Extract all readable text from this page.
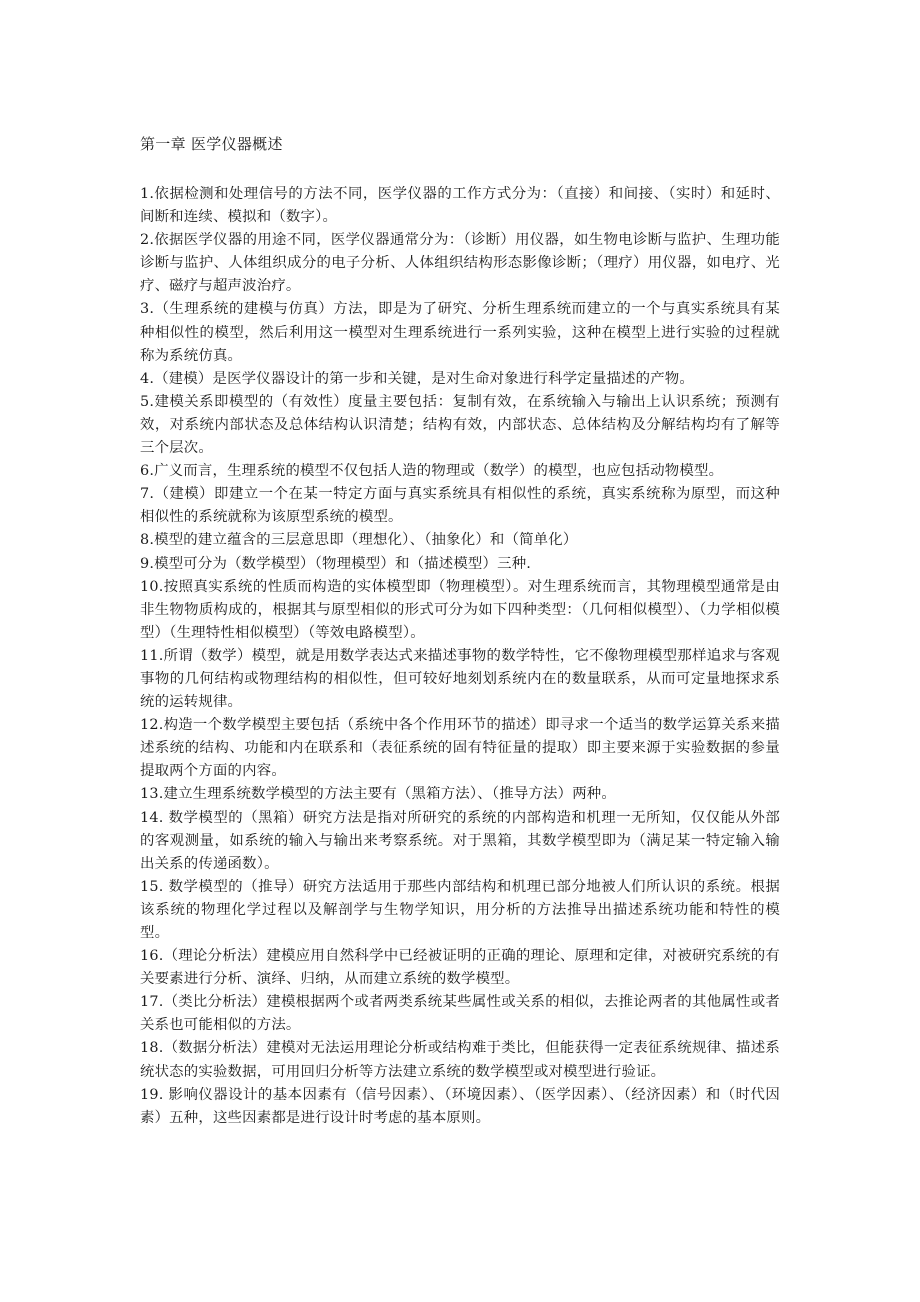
第一章 医学仪器概述

1.依据检测和处理信号的方法不同，医学仪器的工作方式分为：（直接）和间接、（实时）和延时、间断和连续、模拟和（数字）。

2.依据医学仪器的用途不同，医学仪器通常分为：（诊断）用仪器，如生物电诊断与监护、生理功能诊断与监护、人体组织成分的电子分析、人体组织结构形态影像诊断；（理疗）用仪器，如电疗、光疗、磁疗与超声波治疗。

3.（生理系统的建模与仿真）方法，即是为了研究、分析生理系统而建立的一个与真实系统具有某种相似性的模型，然后利用这一模型对生理系统进行一系列实验，这种在模型上进行实验的过程就称为系统仿真。

4.（建模）是医学仪器设计的第一步和关键，是对生命对象进行科学定量描述的产物。

5.建模关系即模型的（有效性）度量主要包括：复制有效，在系统输入与输出上认识系统；预测有效，对系统内部状态及总体结构认识清楚；结构有效，内部状态、总体结构及分解结构均有了解等三个层次。

6.广义而言，生理系统的模型不仅包括人造的物理或（数学）的模型，也应包括动物模型。

7.（建模）即建立一个在某一特定方面与真实系统具有相似性的系统，真实系统称为原型，而这种相似性的系统就称为该原型系统的模型。

8.模型的建立蕴含的三层意思即（理想化）、（抽象化）和（简单化）

9.模型可分为（数学模型）（物理模型）和（描述模型）三种.

10.按照真实系统的性质而构造的实体模型即（物理模型）。对生理系统而言，其物理模型通常是由非生物物质构成的，根据其与原型相似的形式可分为如下四种类型：（几何相似模型）、（力学相似模型）（生理特性相似模型）（等效电路模型）。

11.所谓（数学）模型，就是用数学表达式来描述事物的数学特性，它不像物理模型那样追求与客观事物的几何结构或物理结构的相似性，但可较好地刻划系统内在的数量联系，从而可定量地探求系统的运转规律。

12.构造一个数学模型主要包括（系统中各个作用环节的描述）即寻求一个适当的数学运算关系来描述系统的结构、功能和内在联系和（表征系统的固有特征量的提取）即主要来源于实验数据的参量提取两个方面的内容。

13.建立生理系统数学模型的方法主要有（黑箱方法）、（推导方法）两种。

14. 数学模型的（黑箱）研究方法是指对所研究的系统的内部构造和机理一无所知，仅仅能从外部的客观测量，如系统的输入与输出来考察系统。对于黑箱，其数学模型即为（满足某一特定输入输出关系的传递函数）。

15. 数学模型的（推导）研究方法适用于那些内部结构和机理已部分地被人们所认识的系统。根据该系统的物理化学过程以及解剖学与生物学知识，用分析的方法推导出描述系统功能和特性的模型。

16.（理论分析法）建模应用自然科学中已经被证明的正确的理论、原理和定律，对被研究系统的有关要素进行分析、演绎、归纳，从而建立系统的数学模型。

17.（类比分析法）建模根据两个或者两类系统某些属性或关系的相似，去推论两者的其他属性或者关系也可能相似的方法。

18.（数据分析法）建模对无法运用理论分析或结构难于类比，但能获得一定表征系统规律、描述系统状态的实验数据，可用回归分析等方法建立系统的数学模型或对模型进行验证。

19. 影响仪器设计的基本因素有（信号因素）、（环境因素）、（医学因素）、（经济因素）和（时代因素）五种，这些因素都是进行设计时考虑的基本原则。
